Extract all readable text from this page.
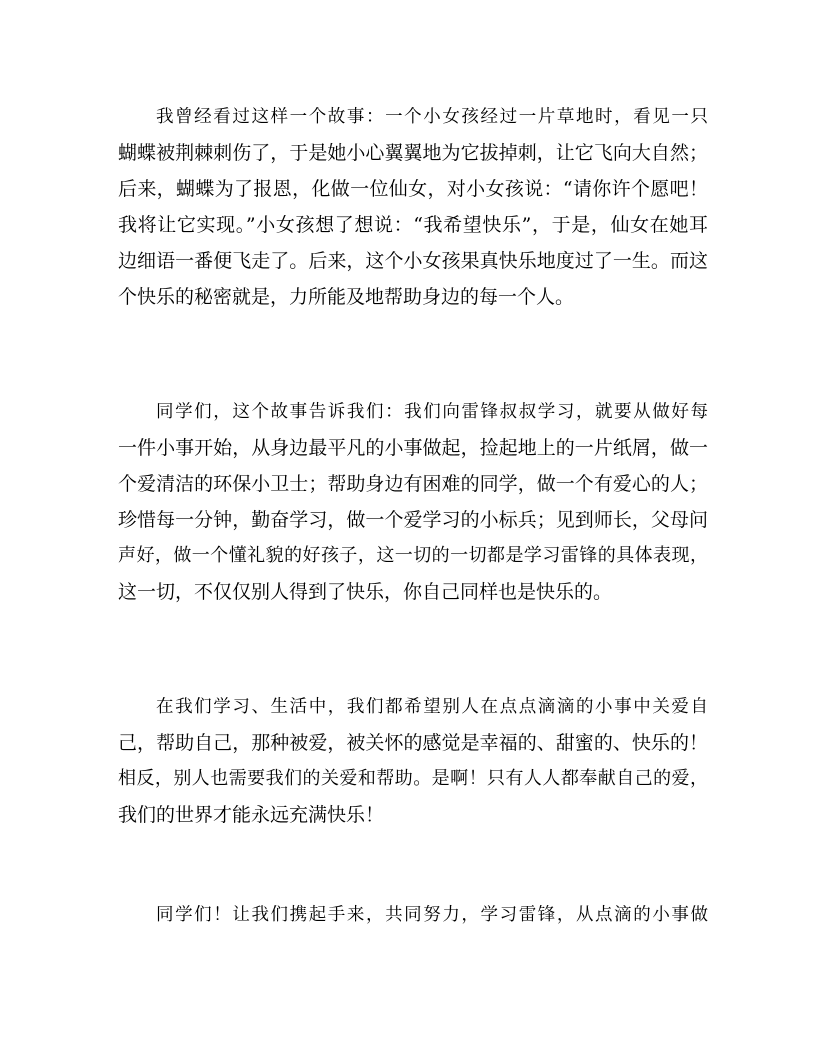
我曾经看过这样一个故事：一个小女孩经过一片草地时，看见一只
蝴蝶被荆棘刺伤了，于是她小心翼翼地为它拔掉刺，让它飞向大自然；
后来，蝴蝶为了报恩，化做一位仙女，对小女孩说：“请你许个愿吧！
我将让它实现。”小女孩想了想说：“我希望快乐”，于是，仙女在她耳
边细语一番便飞走了。后来，这个小女孩果真快乐地度过了一生。而这
个快乐的秘密就是，力所能及地帮助身边的每一个人。
同学们，这个故事告诉我们：我们向雷锋叔叔学习，就要从做好每
一件小事开始，从身边最平凡的小事做起，捡起地上的一片纸屑，做一
个爱清洁的环保小卫士；帮助身边有困难的同学，做一个有爱心的人；
珍惜每一分钟，勤奋学习，做一个爱学习的小标兵；见到师长，父母问
声好，做一个懂礼貌的好孩子，这一切的一切都是学习雷锋的具体表现，
这一切，不仅仅别人得到了快乐，你自己同样也是快乐的。
在我们学习、生活中，我们都希望别人在点点滴滴的小事中关爱自
己，帮助自己，那种被爱，被关怀的感觉是幸福的、甜蜜的、快乐的！
相反，别人也需要我们的关爱和帮助。是啊！只有人人都奉献自己的爱，
我们的世界才能永远充满快乐！
同学们！让我们携起手来，共同努力，学习雷锋，从点滴的小事做
